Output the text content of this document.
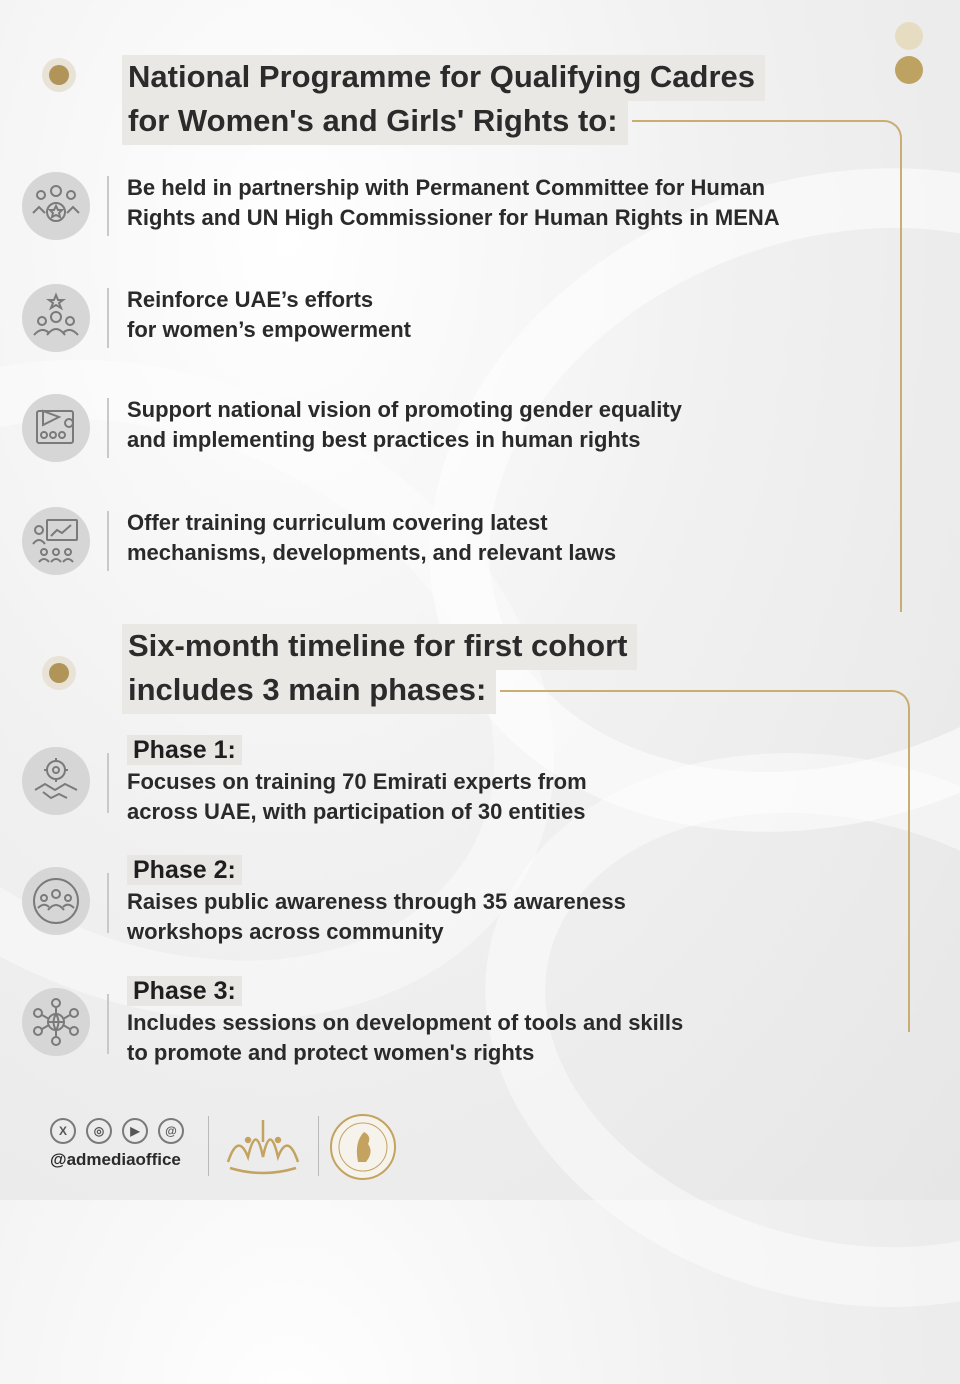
National Programme for Qualifying Cadres
for Women's and Girls' Rights to:
Be held in partnership with Permanent Committee for Human
Rights and UN High Commissioner for Human Rights in MENA
Reinforce UAE’s efforts
for women’s empowerment
Support national vision of promoting gender equality
and implementing best practices in human rights
Offer training curriculum covering latest
mechanisms, developments, and relevant laws
Six-month timeline for first cohort
includes 3 main phases:
Phase 1:
Focuses on training 70 Emirati experts from
across UAE, with participation of 30 entities
Phase 2:
Raises public awareness through 35 awareness
workshops across community
Phase 3:
Includes sessions on development of tools and skills
to promote and protect women's rights
X	◎	▶	@
@admediaoffice
